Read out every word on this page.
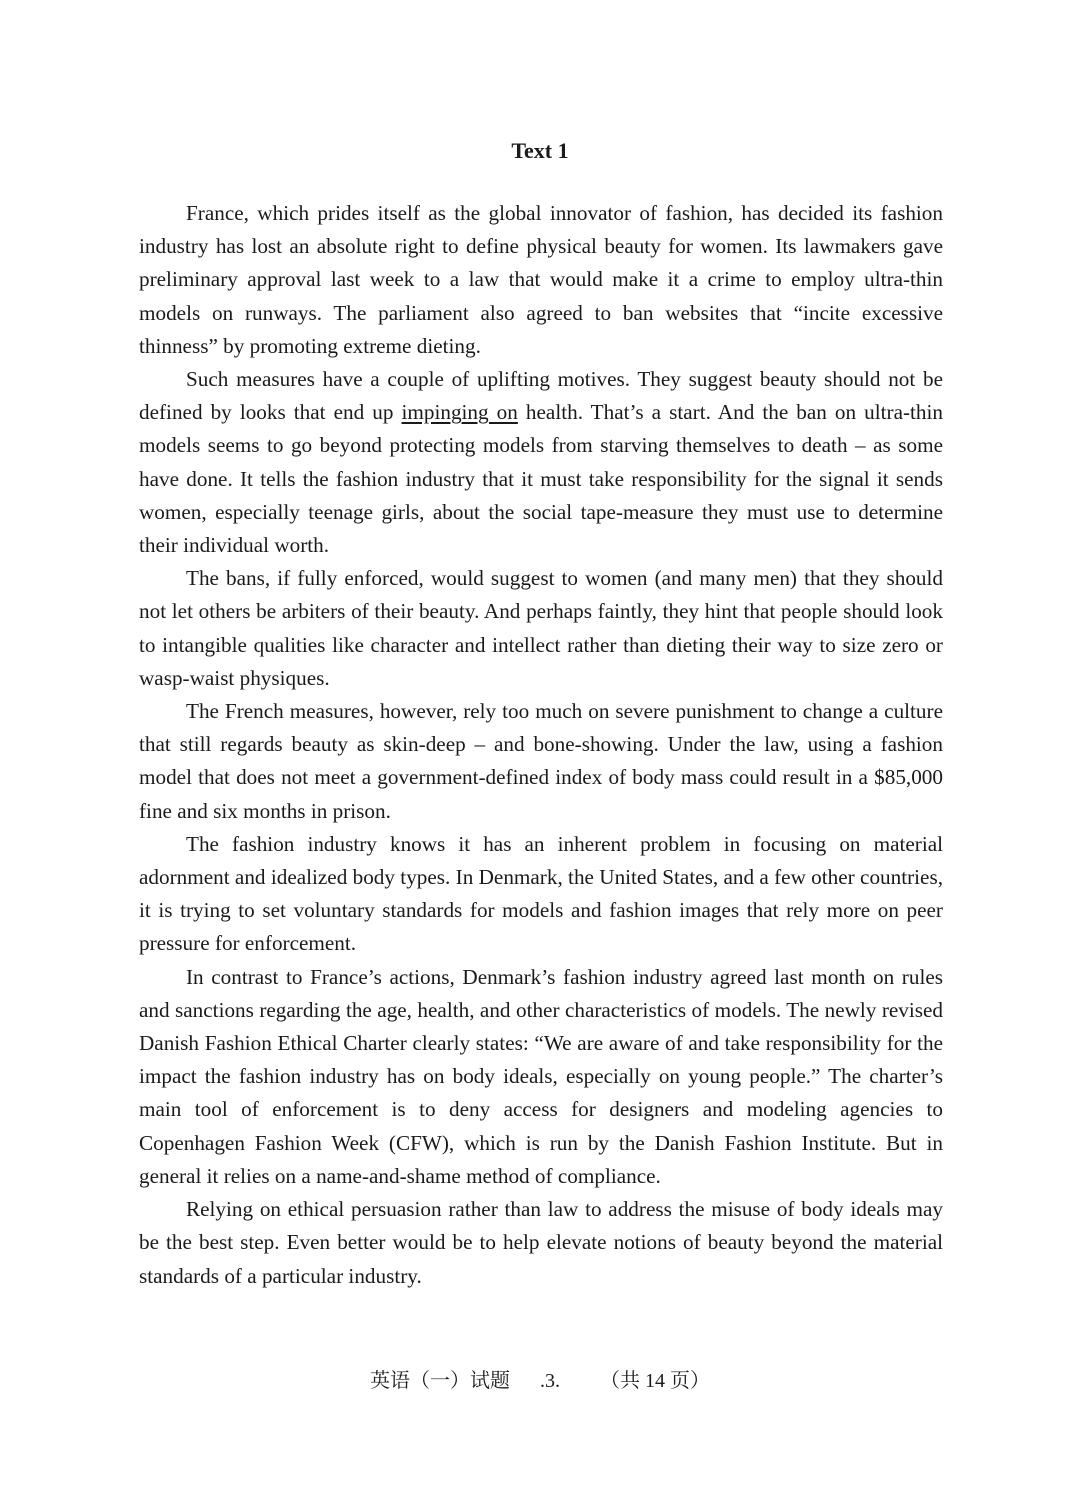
Text 1

France, which prides itself as the global innovator of fashion, has decided its fashion industry has lost an absolute right to define physical beauty for women. Its lawmakers gave preliminary approval last week to a law that would make it a crime to employ ultra-thin models on runways. The parliament also agreed to ban websites that “incite excessive thinness” by promoting extreme dieting.

Such measures have a couple of uplifting motives. They suggest beauty should not be defined by looks that end up impinging on health. That’s a start. And the ban on ultra-thin models seems to go beyond protecting models from starving themselves to death – as some have done. It tells the fashion industry that it must take responsibility for the signal it sends women, especially teenage girls, about the social tape-measure they must use to determine their individual worth.

The bans, if fully enforced, would suggest to women (and many men) that they should not let others be arbiters of their beauty. And perhaps faintly, they hint that people should look to intangible qualities like character and intellect rather than dieting their way to size zero or wasp-waist physiques.

The French measures, however, rely too much on severe punishment to change a culture that still regards beauty as skin-deep – and bone-showing. Under the law, using a fashion model that does not meet a government-defined index of body mass could result in a $85,000 fine and six months in prison.

The fashion industry knows it has an inherent problem in focusing on material adornment and idealized body types. In Denmark, the United States, and a few other countries, it is trying to set voluntary standards for models and fashion images that rely more on peer pressure for enforcement.

In contrast to France’s actions, Denmark’s fashion industry agreed last month on rules and sanctions regarding the age, health, and other characteristics of models. The newly revised Danish Fashion Ethical Charter clearly states: “We are aware of and take responsibility for the impact the fashion industry has on body ideals, especially on young people.” The charter’s main tool of enforcement is to deny access for designers and modeling agencies to Copenhagen Fashion Week (CFW), which is run by the Danish Fashion Institute. But in general it relies on a name-and-shame method of compliance.

Relying on ethical persuasion rather than law to address the misuse of body ideals may be the best step. Even better would be to help elevate notions of beauty beyond the material standards of a particular industry.

英语（一）试题 .3. （共 14 页）
